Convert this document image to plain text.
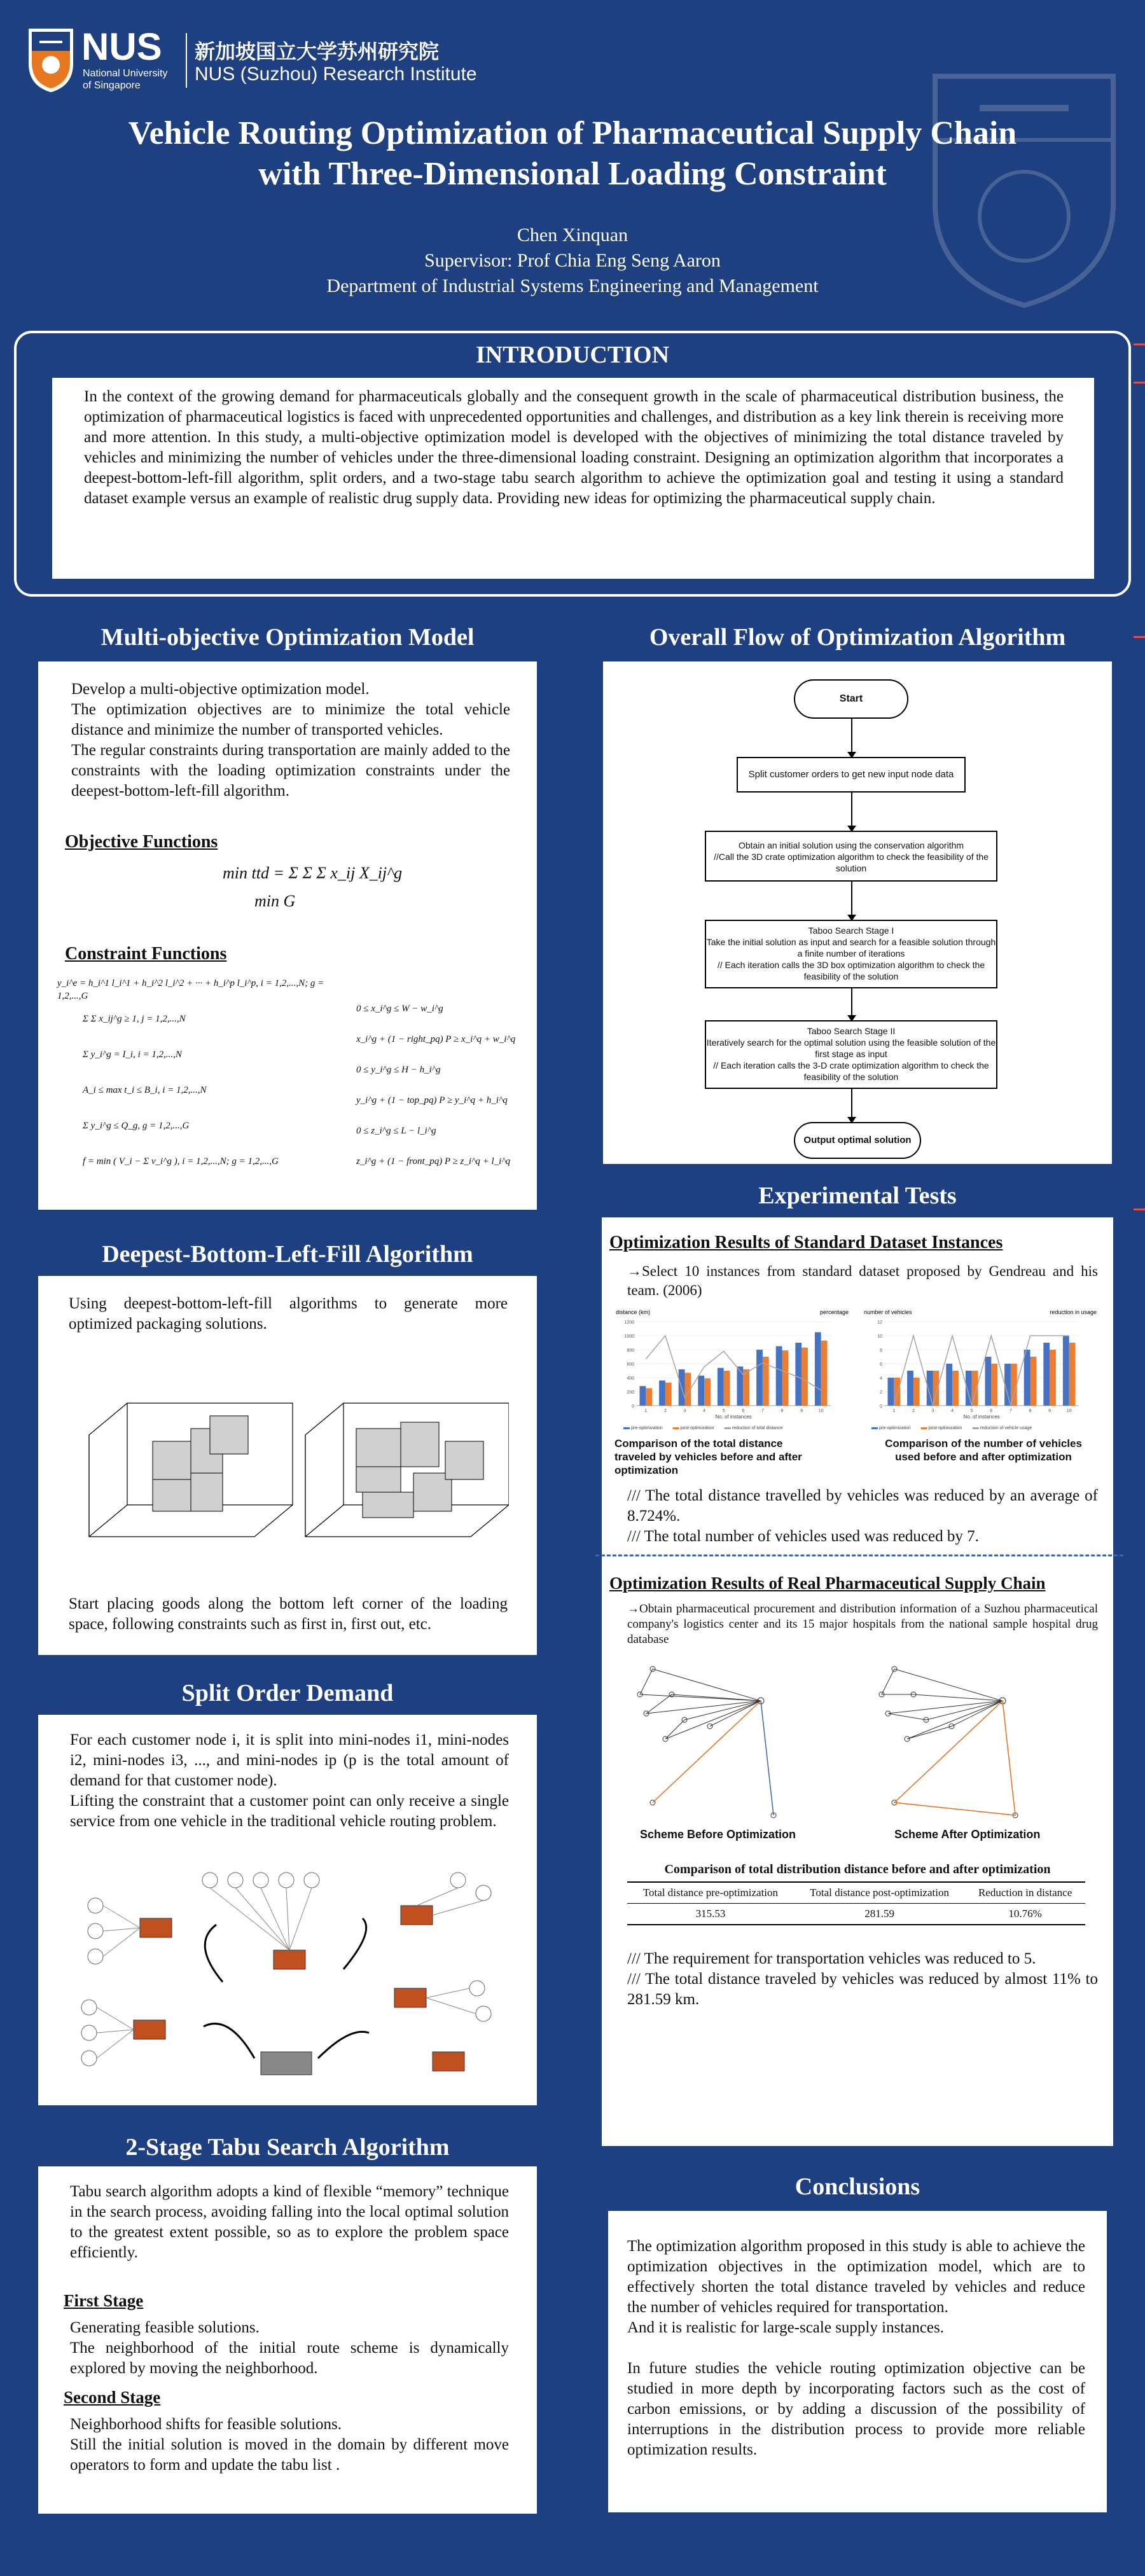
NUS
National University
of Singapore
新加坡国立大学苏州研究院
NUS (Suzhou) Research Institute
Vehicle Routing Optimization of Pharmaceutical Supply Chain
with Three-Dimensional Loading Constraint
Chen Xinquan
Supervisor: Prof Chia Eng Seng Aaron
Department of Industrial Systems Engineering and Management
INTRODUCTION
In the context of the growing demand for pharmaceuticals globally and the consequent growth in the scale of pharmaceutical distribution business, the optimization of pharmaceutical logistics is faced with unprecedented opportunities and challenges, and distribution as a key link therein is receiving more and more attention. In this study, a multi-objective optimization model is developed with the objectives of minimizing the total distance traveled by vehicles and minimizing the number of vehicles under the three-dimensional loading constraint. Designing an optimization algorithm that incorporates a deepest-bottom-left-fill algorithm, split orders, and a two-stage tabu search algorithm to achieve the optimization goal and testing it using a standard dataset example versus an example of realistic drug supply data. Providing new ideas for optimizing the pharmaceutical supply chain.
Multi-objective Optimization Model
Develop a multi-objective optimization model.
The optimization objectives are to minimize the total vehicle distance and minimize the number of transported vehicles.
The regular constraints during transportation are mainly added to the constraints with the loading optimization constraints under the deepest-bottom-left-fill algorithm.
Objective Functions
min ttd = Σ Σ Σ x_ij X_ij^g
min G
Constraint Functions
y_i^e = h_i^1 l_i^1 + h_i^2 l_i^2 + ··· + h_i^p l_i^p, i = 1,2,...,N; g = 1,2,...,G
Σ Σ x_ij^g ≥ 1, j = 1,2,...,N
Σ y_i^g = I_i, i = 1,2,...,N
A_i ≤ max t_i ≤ B_i, i = 1,2,...,N
Σ y_i^g ≤ Q_g, g = 1,2,...,G
f = min ( V_i − Σ v_i^g ), i = 1,2,...,N; g = 1,2,...,G
0 ≤ x_i^g ≤ W − w_i^g
x_i^g + (1 − right_pq) P ≥ x_i^q + w_i^q
0 ≤ y_i^g ≤ H − h_i^g
y_i^g + (1 − top_pq) P ≥ y_i^q + h_i^q
0 ≤ z_i^g ≤ L − l_i^g
z_i^g + (1 − front_pq) P ≥ z_i^q + l_i^q
Overall Flow of Optimization Algorithm
Start
Split customer orders to get new input node data
Obtain an initial solution using the conservation algorithm
//Call the 3D crate optimization algorithm to check the feasibility of the solution
Taboo Search Stage I
Take the initial solution as input and search for a feasible solution through a finite number of iterations
// Each iteration calls the 3D box optimization algorithm to check the feasibility of the solution
Taboo Search Stage II
Iteratively search for the optimal solution using the feasible solution of the first stage as input
// Each iteration calls the 3-D crate optimization algorithm to check the feasibility of the solution
Output optimal solution
Deepest-Bottom-Left-Fill Algorithm
Using deepest-bottom-left-fill algorithms to generate more optimized packaging solutions.
Start placing goods along the bottom left corner of the loading space, following constraints such as first in, first out, etc.
Split Order Demand
For each customer node i, it is split into mini-nodes i1, mini-nodes i2, mini-nodes i3, ..., and mini-nodes ip (p is the total amount of demand for that customer node).
Lifting the constraint that a customer point can only receive a single service from one vehicle in the traditional vehicle routing problem.
2-Stage Tabu Search Algorithm
Tabu search algorithm adopts a kind of flexible “memory” technique in the search process, avoiding falling into the local optimal solution to the greatest extent possible, so as to explore the problem space efficiently.
First Stage
Generating feasible solutions.
The neighborhood of the initial route scheme is dynamically explored by moving the neighborhood.
Second Stage
Neighborhood shifts for feasible solutions.
Still the initial solution is moved in the domain by different move operators to form and update the tabu list .
Experimental Tests
Optimization Results of Standard Dataset Instances
→Select 10 instances from standard dataset proposed by Gendreau and his team. (2006)
distance (km)	percentage
0
200
400
600
800
1000
1200
1	2	3	4	5	6	7	8	9	10
No. of instances
pre-optimization	post-optimization	reduction of total distance
number of vehicles	reduction in usage
0
2
4
6
8
10
12
1	2	3	4	5	6	7	8	9	10
No. of instances
pre-optimization	post-optimization	reduction of vehicle usage
Comparison of the total distance traveled by vehicles before and after optimization
Comparison of the number of vehicles used before and after optimization
/// The total distance travelled by vehicles was reduced by an average of 8.724%.
/// The total number of vehicles used was reduced by 7.
Optimization Results of Real Pharmaceutical Supply Chain
→Obtain pharmaceutical procurement and distribution information of a Suzhou pharmaceutical company's logistics center and its 15 major hospitals from the national sample hospital drug database
Scheme Before Optimization	Scheme After Optimization
Comparison of total distribution distance before and after optimization
Total distance pre-optimization	Total distance post-optimization	Reduction in distance
315.53	281.59	10.76%
/// The requirement for transportation vehicles was reduced to 5.
/// The total distance traveled by vehicles was reduced by almost 11% to 281.59 km.
Conclusions
The optimization algorithm proposed in this study is able to achieve the optimization objectives in the optimization model, which are to effectively shorten the total distance traveled by vehicles and reduce the number of vehicles required for transportation.
And it is realistic for large-scale supply instances.
In future studies the vehicle routing optimization objective can be studied in more depth by incorporating factors such as the cost of carbon emissions, or by adding a discussion of the possibility of interruptions in the distribution process to provide more reliable optimization results.
